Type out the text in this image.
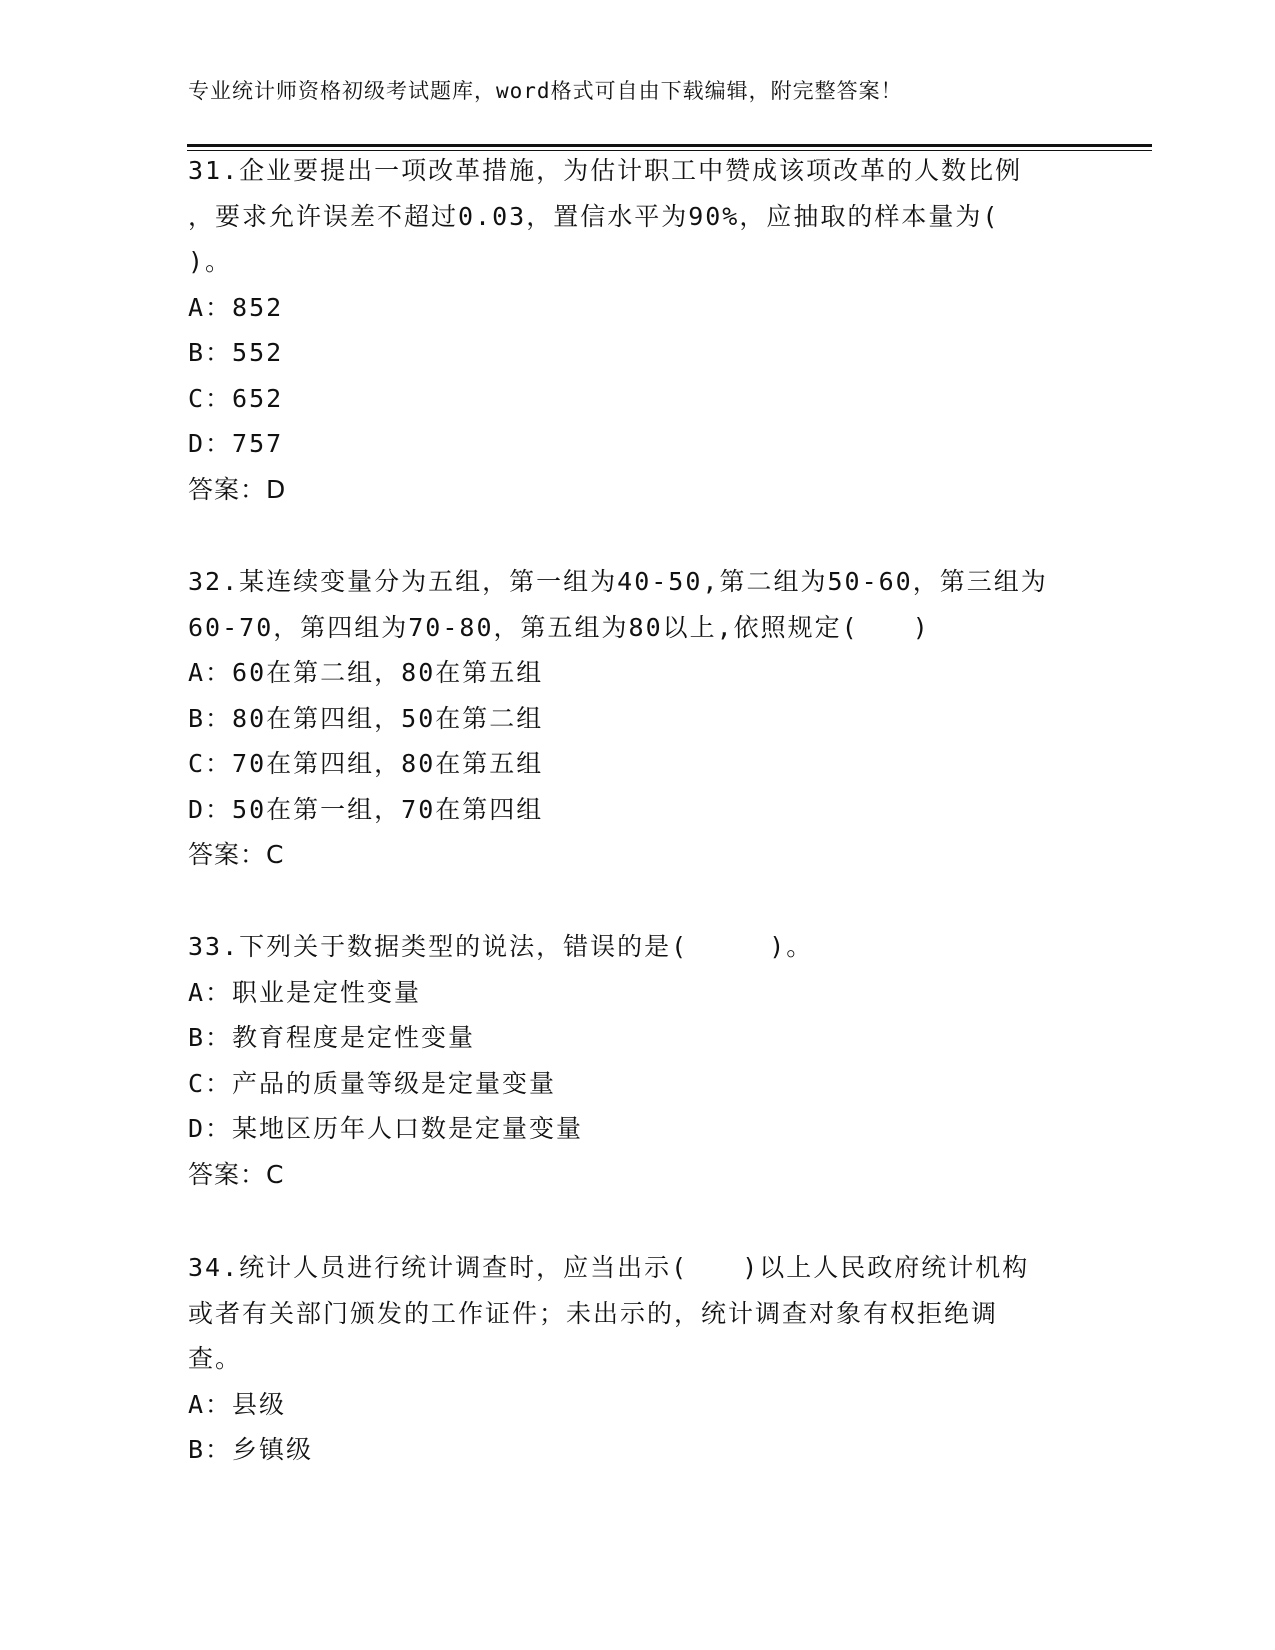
专业统计师资格初级考试题库，word格式可自由下载编辑，附完整答案！
31.企业要提出一项改革措施，为估计职工中赞成该项改革的人数比例
，要求允许误差不超过0.03，置信水平为90%，应抽取的样本量为(
)。
A：852
B：552
C：652
D：757
答案：D
32.某连续变量分为五组，第一组为40-50,第二组为50-60，第三组为
60-70，第四组为70-80，第五组为80以上,依照规定(　　)
A：60在第二组，80在第五组
B：80在第四组，50在第二组
C：70在第四组，80在第五组
D：50在第一组，70在第四组
答案：C
33.下列关于数据类型的说法，错误的是(　　　)。
A：职业是定性变量
B：教育程度是定性变量
C：产品的质量等级是定量变量
D：某地区历年人口数是定量变量
答案：C
34.统计人员进行统计调查时，应当出示(　　)以上人民政府统计机构
或者有关部门颁发的工作证件；未出示的，统计调查对象有权拒绝调
查。
A：县级
B：乡镇级
